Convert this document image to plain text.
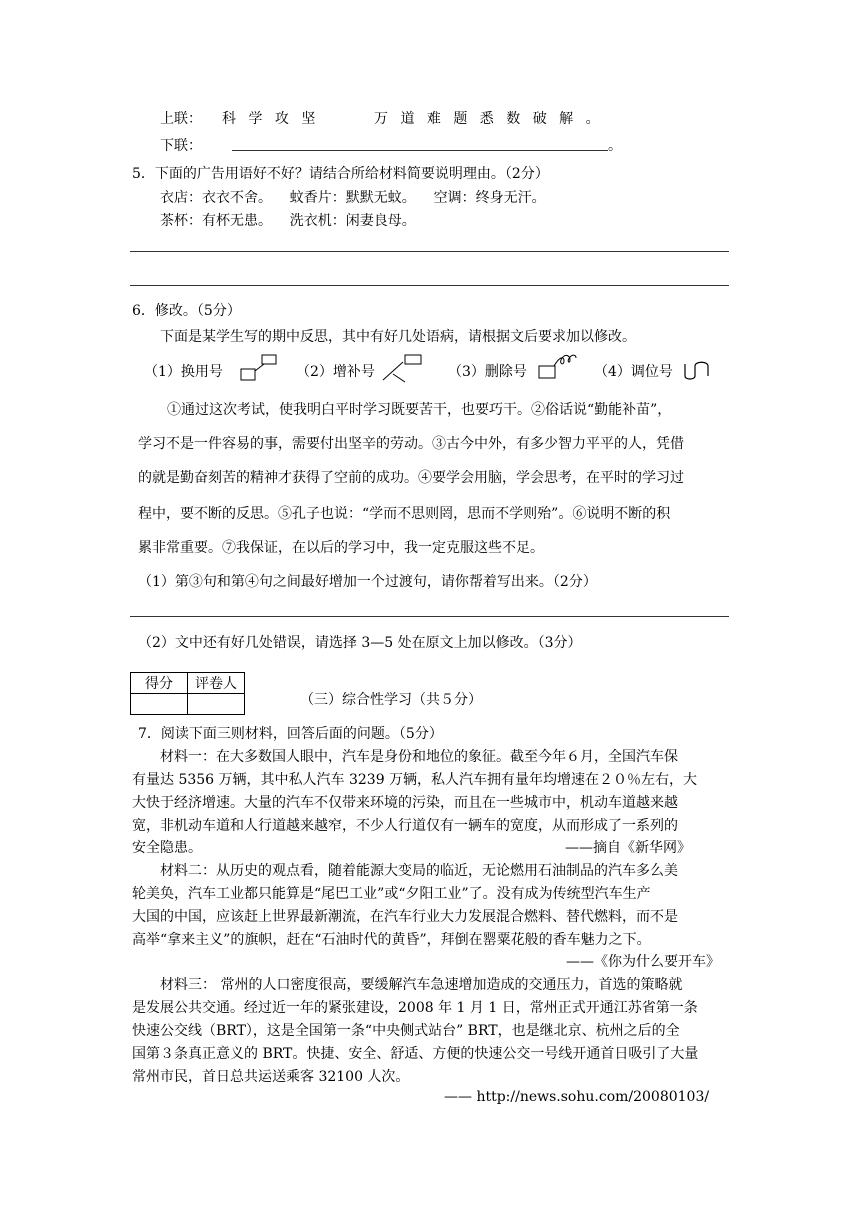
上联： 科 学 攻 坚	万 道 难 题 悉 数 破 解 。
下联：	。
5．下面的广告用语好不好？请结合所给材料简要说明理由。（2分）
衣店：衣衣不舍。    蚊香片：默默无蚊。    空调：终身无汗。
茶杯：有杯无患。    洗衣机：闲妻良母。
6．修改。（5分）
下面是某学生写的期中反思，其中有好几处语病，请根据文后要求加以修改。
（1）换用号	（2）增补号	（3）删除号	（4）调位号
①通过这次考试，使我明白平时学习既要苦干，也要巧干。②俗话说“勤能补苗”，
学习不是一件容易的事，需要付出坚辛的劳动。③古今中外，有多少智力平平的人，凭借
的就是勤奋刻苦的精神才获得了空前的成功。④要学会用脑，学会思考，在平时的学习过
程中，要不断的反思。⑤孔子也说：“学而不思则罔，思而不学则殆”。⑥说明不断的积
累非常重要。⑦我保证，在以后的学习中，我一定克服这些不足。
（1）第③句和第④句之间最好增加一个过渡句，请你帮着写出来。（2分）
（2）文中还有好几处错误，请选择 3—5 处在原文上加以修改。（3分）
得分	评卷人

（三）综合性学习（共５分）
7．阅读下面三则材料，回答后面的问题。（5分）
材料一：在大多数国人眼中，汽车是身份和地位的象征。截至今年６月，全国汽车保
有量达 5356 万辆，其中私人汽车 3239 万辆，私人汽车拥有量年均增速在２０％左右，大
大快于经济增速。大量的汽车不仅带来环境的污染，而且在一些城市中，机动车道越来越
宽，非机动车道和人行道越来越窄，不少人行道仅有一辆车的宽度，从而形成了一系列的
安全隐患。	——摘自《新华网》
材料二：从历史的观点看，随着能源大变局的临近，无论燃用石油制品的汽车多么美
轮美奂，汽车工业都只能算是“尾巴工业”或“夕阳工业”了。没有成为传统型汽车生产
大国的中国，应该赶上世界最新潮流，在汽车行业大力发展混合燃料、替代燃料，而不是
高举“拿来主义”的旗帜，赶在“石油时代的黄昏”，拜倒在罂粟花般的香车魅力之下。
——《你为什么要开车》
材料三： 常州的人口密度很高，要缓解汽车急速增加造成的交通压力，首选的策略就
是发展公共交通。经过近一年的紧张建设，2008 年 1 月 1 日，常州正式开通江苏省第一条
快速公交线（BRT），这是全国第一条“中央侧式站台” BRT，也是继北京、杭州之后的全
国第３条真正意义的 BRT。快捷、安全、舒适、方便的快速公交一号线开通首日吸引了大量
常州市民，首日总共运送乘客 32100 人次。
—— http://news.sohu.com/20080103/
